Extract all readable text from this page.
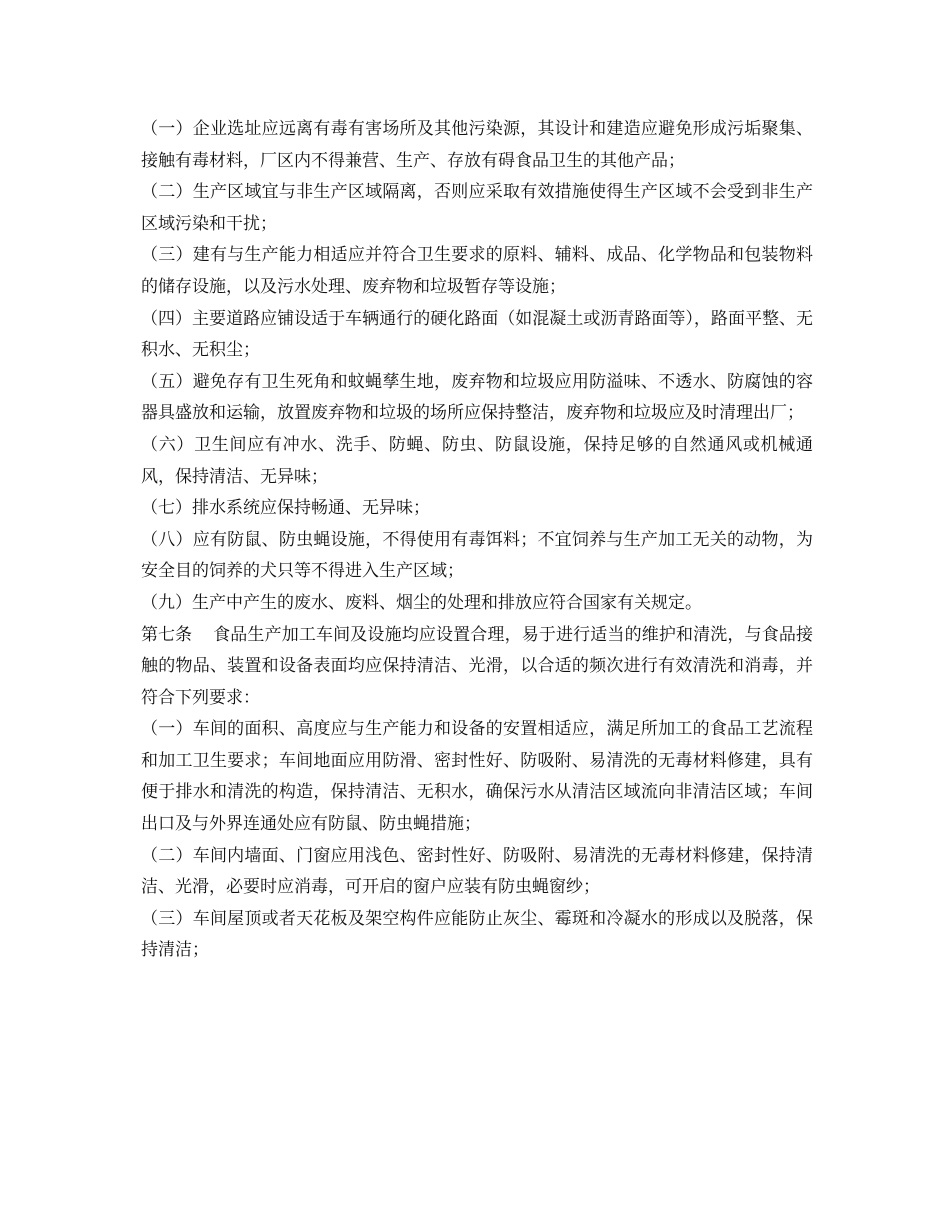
（一）企业选址应远离有毒有害场所及其他污染源，其设计和建造应避免形成污垢聚集、接触有毒材料，厂区内不得兼营、生产、存放有碍食品卫生的其他产品；

（二）生产区域宜与非生产区域隔离，否则应采取有效措施使得生产区域不会受到非生产区域污染和干扰；

（三）建有与生产能力相适应并符合卫生要求的原料、辅料、成品、化学物品和包装物料的储存设施，以及污水处理、废弃物和垃圾暂存等设施；

（四）主要道路应铺设适于车辆通行的硬化路面（如混凝土或沥青路面等），路面平整、无积水、无积尘；

（五）避免存有卫生死角和蚊蝇孳生地，废弃物和垃圾应用防溢味、不透水、防腐蚀的容器具盛放和运输，放置废弃物和垃圾的场所应保持整洁，废弃物和垃圾应及时清理出厂；

（六）卫生间应有冲水、洗手、防蝇、防虫、防鼠设施，保持足够的自然通风或机械通风，保持清洁、无异味；

（七）排水系统应保持畅通、无异味；

（八）应有防鼠、防虫蝇设施，不得使用有毒饵料；不宜饲养与生产加工无关的动物，为安全目的饲养的犬只等不得进入生产区域；

（九）生产中产生的废水、废料、烟尘的处理和排放应符合国家有关规定。

第七条 食品生产加工车间及设施均应设置合理，易于进行适当的维护和清洗，与食品接触的物品、装置和设备表面均应保持清洁、光滑，以合适的频次进行有效清洗和消毒，并符合下列要求：

（一）车间的面积、高度应与生产能力和设备的安置相适应，满足所加工的食品工艺流程和加工卫生要求；车间地面应用防滑、密封性好、防吸附、易清洗的无毒材料修建，具有便于排水和清洗的构造，保持清洁、无积水，确保污水从清洁区域流向非清洁区域；车间出口及与外界连通处应有防鼠、防虫蝇措施；

（二）车间内墙面、门窗应用浅色、密封性好、防吸附、易清洗的无毒材料修建，保持清洁、光滑，必要时应消毒，可开启的窗户应装有防虫蝇窗纱；

（三）车间屋顶或者天花板及架空构件应能防止灰尘、霉斑和冷凝水的形成以及脱落，保持清洁；
